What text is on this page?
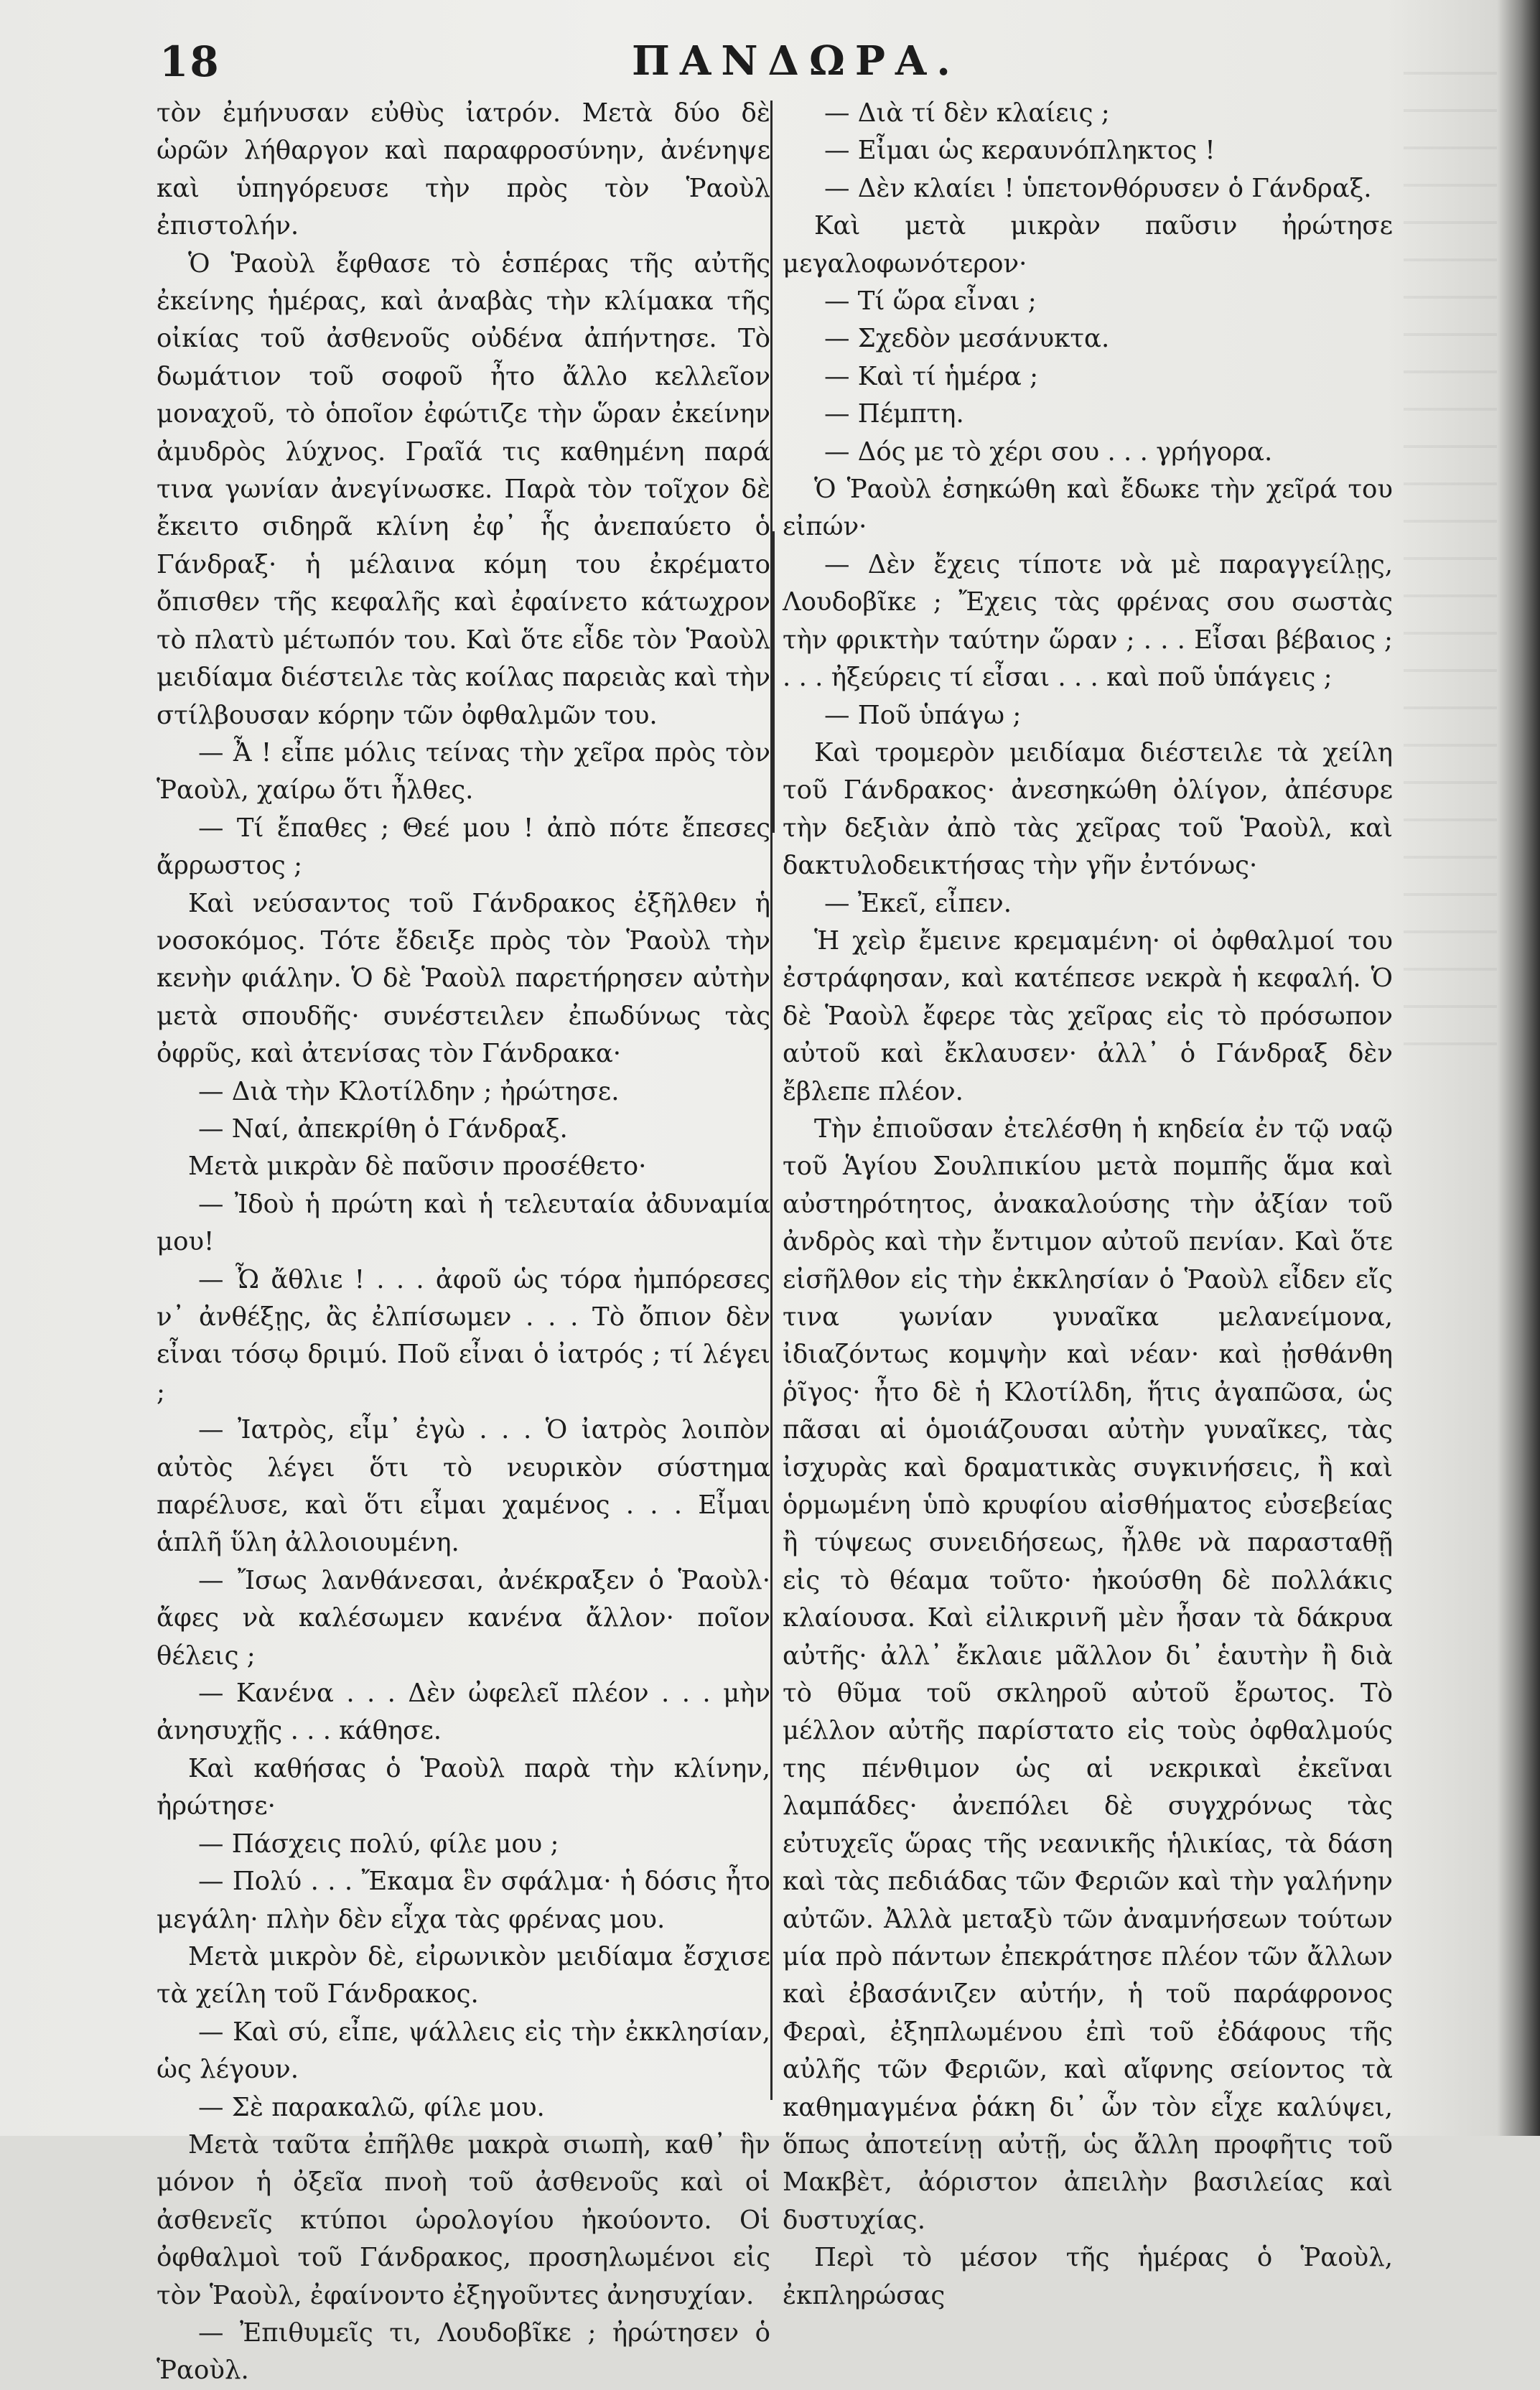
18	ΠΑΝΔΩΡΑ.

τὸν ἐμήνυσαν εὐθὺς ἰατρόν. Μετὰ δύο δὲ ὡρῶν λήθαργον καὶ παραφροσύνην, ἀνένηψε καὶ ὑπηγόρευσε τὴν πρὸς τὸν Ῥαοὺλ ἐπιστολήν.

Ὁ Ῥαοὺλ ἔφθασε τὸ ἑσπέρας τῆς αὐτῆς ἐκείνης ἡμέρας, καὶ ἀναβὰς τὴν κλίμακα τῆς οἰκίας τοῦ ἀσθενοῦς οὐδένα ἀπήντησε. Τὸ δωμάτιον τοῦ σοφοῦ ἦτο ἄλλο κελλεῖον μοναχοῦ, τὸ ὁποῖον ἐφώτιζε τὴν ὥραν ἐκείνην ἀμυδρὸς λύχνος. Γραῖά τις καθημένη παρά τινα γωνίαν ἀνεγίνωσκε. Παρὰ τὸν τοῖχον δὲ ἔκειτο σιδηρᾶ κλίνη ἐφ᾽ ἧς ἀνεπαύετο ὁ Γάνδραξ· ἡ μέλαινα κόμη του ἐκρέματο ὄπισθεν τῆς κεφαλῆς καὶ ἐφαίνετο κάτωχρον τὸ πλατὺ μέτωπόν του. Καὶ ὅτε εἶδε τὸν Ῥαοὺλ μειδίαμα διέστειλε τὰς κοίλας παρειὰς καὶ τὴν στίλβουσαν κόρην τῶν ὀφθαλμῶν του.

— Ἆ ! εἶπε μόλις τείνας τὴν χεῖρα πρὸς τὸν Ῥαοὺλ, χαίρω ὅτι ἦλθες.

— Τί ἔπαθες ; Θεέ μου ! ἀπὸ πότε ἔπεσες ἄρρωστος ;

Καὶ νεύσαντος τοῦ Γάνδρακος ἐξῆλθεν ἡ νοσοκόμος. Τότε ἔδειξε πρὸς τὸν Ῥαοὺλ τὴν κενὴν φιάλην. Ὁ δὲ Ῥαοὺλ παρετήρησεν αὐτὴν μετὰ σπουδῆς· συνέστειλεν ἐπωδύνως τὰς ὀφρῦς, καὶ ἀτενίσας τὸν Γάνδρακα·

— Διὰ τὴν Κλοτίλδην ; ἠρώτησε.

— Ναί, ἀπεκρίθη ὁ Γάνδραξ.

Μετὰ μικρὰν δὲ παῦσιν προσέθετο·

— Ἰδοὺ ἡ πρώτη καὶ ἡ τελευταία ἀδυναμία μου!

— Ὦ ἄθλιε ! . . . ἀφοῦ ὡς τόρα ἠμπόρεσες ν᾽ ἀνθέξῃς, ἂς ἐλπίσωμεν . . . Τὸ ὄπιον δὲν εἶναι τόσῳ δριμύ. Ποῦ εἶναι ὁ ἰατρός ; τί λέγει ;

— Ἰατρὸς, εἶμ᾽ ἐγὼ . . . Ὁ ἰατρὸς λοιπὸν αὐτὸς λέγει ὅτι τὸ νευρικὸν σύστημα παρέλυσε, καὶ ὅτι εἶμαι χαμένος . . . Εἶμαι ἁπλῆ ὕλη ἀλλοιουμένη.

— Ἴσως λανθάνεσαι, ἀνέκραξεν ὁ Ῥαοὺλ· ἄφες νὰ καλέσωμεν κανένα ἄλλον· ποῖον θέλεις ;

— Κανένα . . . Δὲν ὠφελεῖ πλέον . . . μὴν ἀνησυχῇς . . . κάθησε.

Καὶ καθήσας ὁ Ῥαοὺλ παρὰ τὴν κλίνην, ἠρώτησε·

— Πάσχεις πολύ, φίλε μου ;

— Πολύ . . . Ἔκαμα ἓν σφάλμα· ἡ δόσις ἦτο μεγάλη· πλὴν δὲν εἶχα τὰς φρένας μου.

Μετὰ μικρὸν δὲ, εἰρωνικὸν μειδίαμα ἔσχισε τὰ χείλη τοῦ Γάνδρακος.

— Καὶ σύ, εἶπε, ψάλλεις εἰς τὴν ἐκκλησίαν, ὡς λέγουν.

— Σὲ παρακαλῶ, φίλε μου.

Μετὰ ταῦτα ἐπῆλθε μακρὰ σιωπὴ, καθ᾽ ἣν μόνον ἡ ὀξεῖα πνοὴ τοῦ ἀσθενοῦς καὶ οἱ ἀσθενεῖς κτύποι ὡρολογίου ἠκούοντο. Οἱ ὀφθαλμοὶ τοῦ Γάνδρακος, προσηλωμένοι εἰς τὸν Ῥαοὺλ, ἐφαίνοντο ἐξηγοῦντες ἀνησυχίαν.

— Ἐπιθυμεῖς τι, Λουδοβῖκε ; ἠρώτησεν ὁ Ῥαοὺλ.

— Διὰ τί δὲν κλαίεις ;

— Εἶμαι ὡς κεραυνόπληκτος !

— Δὲν κλαίει ! ὑπετονθόρυσεν ὁ Γάνδραξ.

Καὶ μετὰ μικρὰν παῦσιν ἠρώτησε μεγαλοφωνότερον·

— Τί ὥρα εἶναι ;

— Σχεδὸν μεσάνυκτα.

— Καὶ τί ἡμέρα ;

— Πέμπτη.

— Δός με τὸ χέρι σου . . . γρήγορα.

Ὁ Ῥαοὺλ ἐσηκώθη καὶ ἔδωκε τὴν χεῖρά του εἰπών·

— Δὲν ἔχεις τίποτε νὰ μὲ παραγγείλῃς, Λουδοβῖκε ; Ἔχεις τὰς φρένας σου σωστὰς τὴν φρικτὴν ταύτην ὥραν ; . . . Εἶσαι βέβαιος ; . . . ἠξεύρεις τί εἶσαι . . . καὶ ποῦ ὑπάγεις ;

— Ποῦ ὑπάγω ;

Καὶ τρομερὸν μειδίαμα διέστειλε τὰ χείλη τοῦ Γάνδρακος· ἀνεσηκώθη ὀλίγον, ἀπέσυρε τὴν δεξιὰν ἀπὸ τὰς χεῖρας τοῦ Ῥαοὺλ, καὶ δακτυλοδεικτήσας τὴν γῆν ἐντόνως·

— Ἐκεῖ, εἶπεν.

Ἡ χεὶρ ἔμεινε κρεμαμένη· οἱ ὀφθαλμοί του ἐστράφησαν, καὶ κατέπεσε νεκρὰ ἡ κεφαλή. Ὁ δὲ Ῥαοὺλ ἔφερε τὰς χεῖρας εἰς τὸ πρόσωπον αὐτοῦ καὶ ἔκλαυσεν· ἀλλ᾽ ὁ Γάνδραξ δὲν ἔβλεπε πλέον.

Τὴν ἐπιοῦσαν ἐτελέσθη ἡ κηδεία ἐν τῷ ναῷ τοῦ Ἁγίου Σουλπικίου μετὰ πομπῆς ἅμα καὶ αὐστηρότητος, ἀνακαλούσης τὴν ἀξίαν τοῦ ἀνδρὸς καὶ τὴν ἔντιμον αὐτοῦ πενίαν. Καὶ ὅτε εἰσῆλθον εἰς τὴν ἐκκλησίαν ὁ Ῥαοὺλ εἶδεν εἴς τινα γωνίαν γυναῖκα μελανείμονα, ἰδιαζόντως κομψὴν καὶ νέαν· καὶ ᾐσθάνθη ῥῖγος· ἦτο δὲ ἡ Κλοτίλδη, ἥτις ἀγαπῶσα, ὡς πᾶσαι αἱ ὁμοιάζουσαι αὐτὴν γυναῖκες, τὰς ἰσχυρὰς καὶ δραματικὰς συγκινήσεις, ἢ καὶ ὁρμωμένη ὑπὸ κρυφίου αἰσθήματος εὐσεβείας ἢ τύψεως συνειδήσεως, ἦλθε νὰ παρασταθῇ εἰς τὸ θέαμα τοῦτο· ἠκούσθη δὲ πολλάκις κλαίουσα. Καὶ εἰλικρινῆ μὲν ἦσαν τὰ δάκρυα αὐτῆς· ἀλλ᾽ ἔκλαιε μᾶλλον δι᾽ ἑαυτὴν ἢ διὰ τὸ θῦμα τοῦ σκληροῦ αὐτοῦ ἔρωτος. Τὸ μέλλον αὐτῆς παρίστατο εἰς τοὺς ὀφθαλμούς της πένθιμον ὡς αἱ νεκρικαὶ ἐκεῖναι λαμπάδες· ἀνεπόλει δὲ συγχρόνως τὰς εὐτυχεῖς ὥρας τῆς νεανικῆς ἡλικίας, τὰ δάση καὶ τὰς πεδιάδας τῶν Φεριῶν καὶ τὴν γαλήνην αὐτῶν. Ἀλλὰ μεταξὺ τῶν ἀναμνήσεων τούτων μία πρὸ πάντων ἐπεκράτησε πλέον τῶν ἄλλων καὶ ἐβασάνιζεν αὐτήν, ἡ τοῦ παράφρονος Φεραὶ, ἐξηπλωμένου ἐπὶ τοῦ ἐδάφους τῆς αὐλῆς τῶν Φεριῶν, καὶ αἴφνης σείοντος τὰ καθημαγμένα ῥάκη δι᾽ ὧν τὸν εἶχε καλύψει, ὅπως ἀποτείνῃ αὐτῇ, ὡς ἄλλη προφῆτις τοῦ Μακβὲτ, ἀόριστον ἀπειλὴν βασιλείας καὶ δυστυχίας.

Περὶ τὸ μέσον τῆς ἡμέρας ὁ Ῥαοὺλ, ἐκπληρώσας
